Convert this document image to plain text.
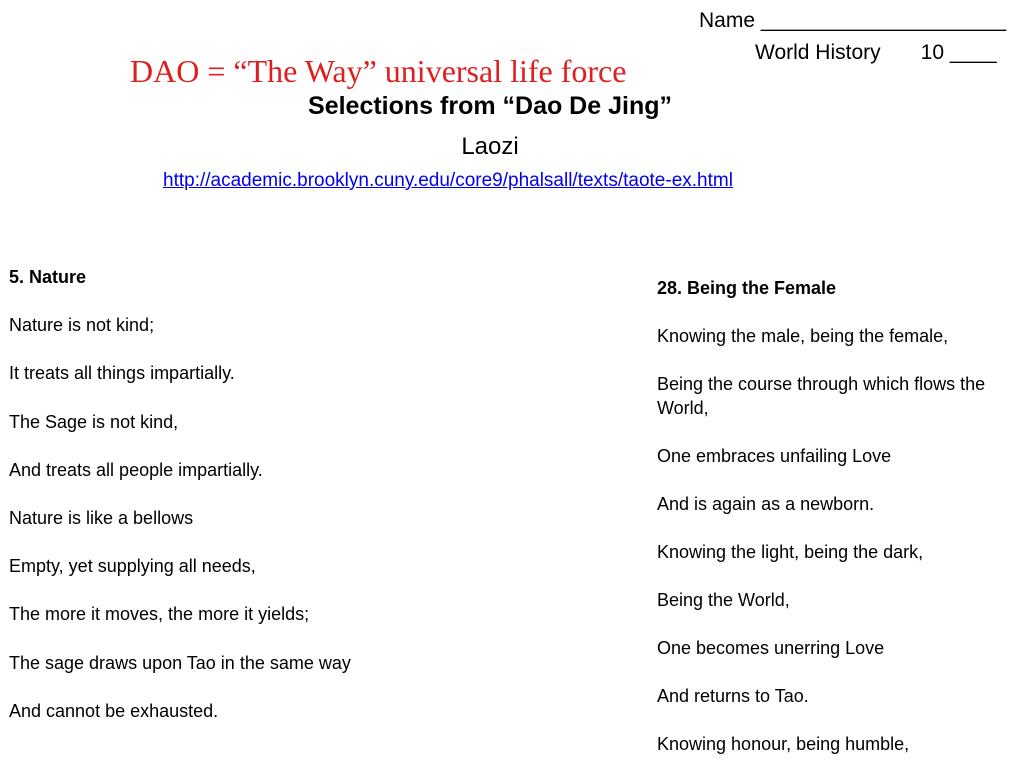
Name _____________________
World History 10 ____
DAO = “The Way” universal life force
Selections from “Dao De Jing”
Laozi
http://academic.brooklyn.cuny.edu/core9/phalsall/texts/taote-ex.html
5. Nature
Nature is not kind;
It treats all things impartially.
The Sage is not kind,
And treats all people impartially.
Nature is like a bellows
Empty, yet supplying all needs,
The more it moves, the more it yields;
The sage draws upon Tao in the same way
And cannot be exhausted.
28. Being the Female
Knowing the male, being the female,
Being the course through which flows the World,
One embraces unfailing Love
And is again as a newborn.
Knowing the light, being the dark,
Being the World,
One becomes unerring Love
And returns to Tao.
Knowing honour, being humble,
